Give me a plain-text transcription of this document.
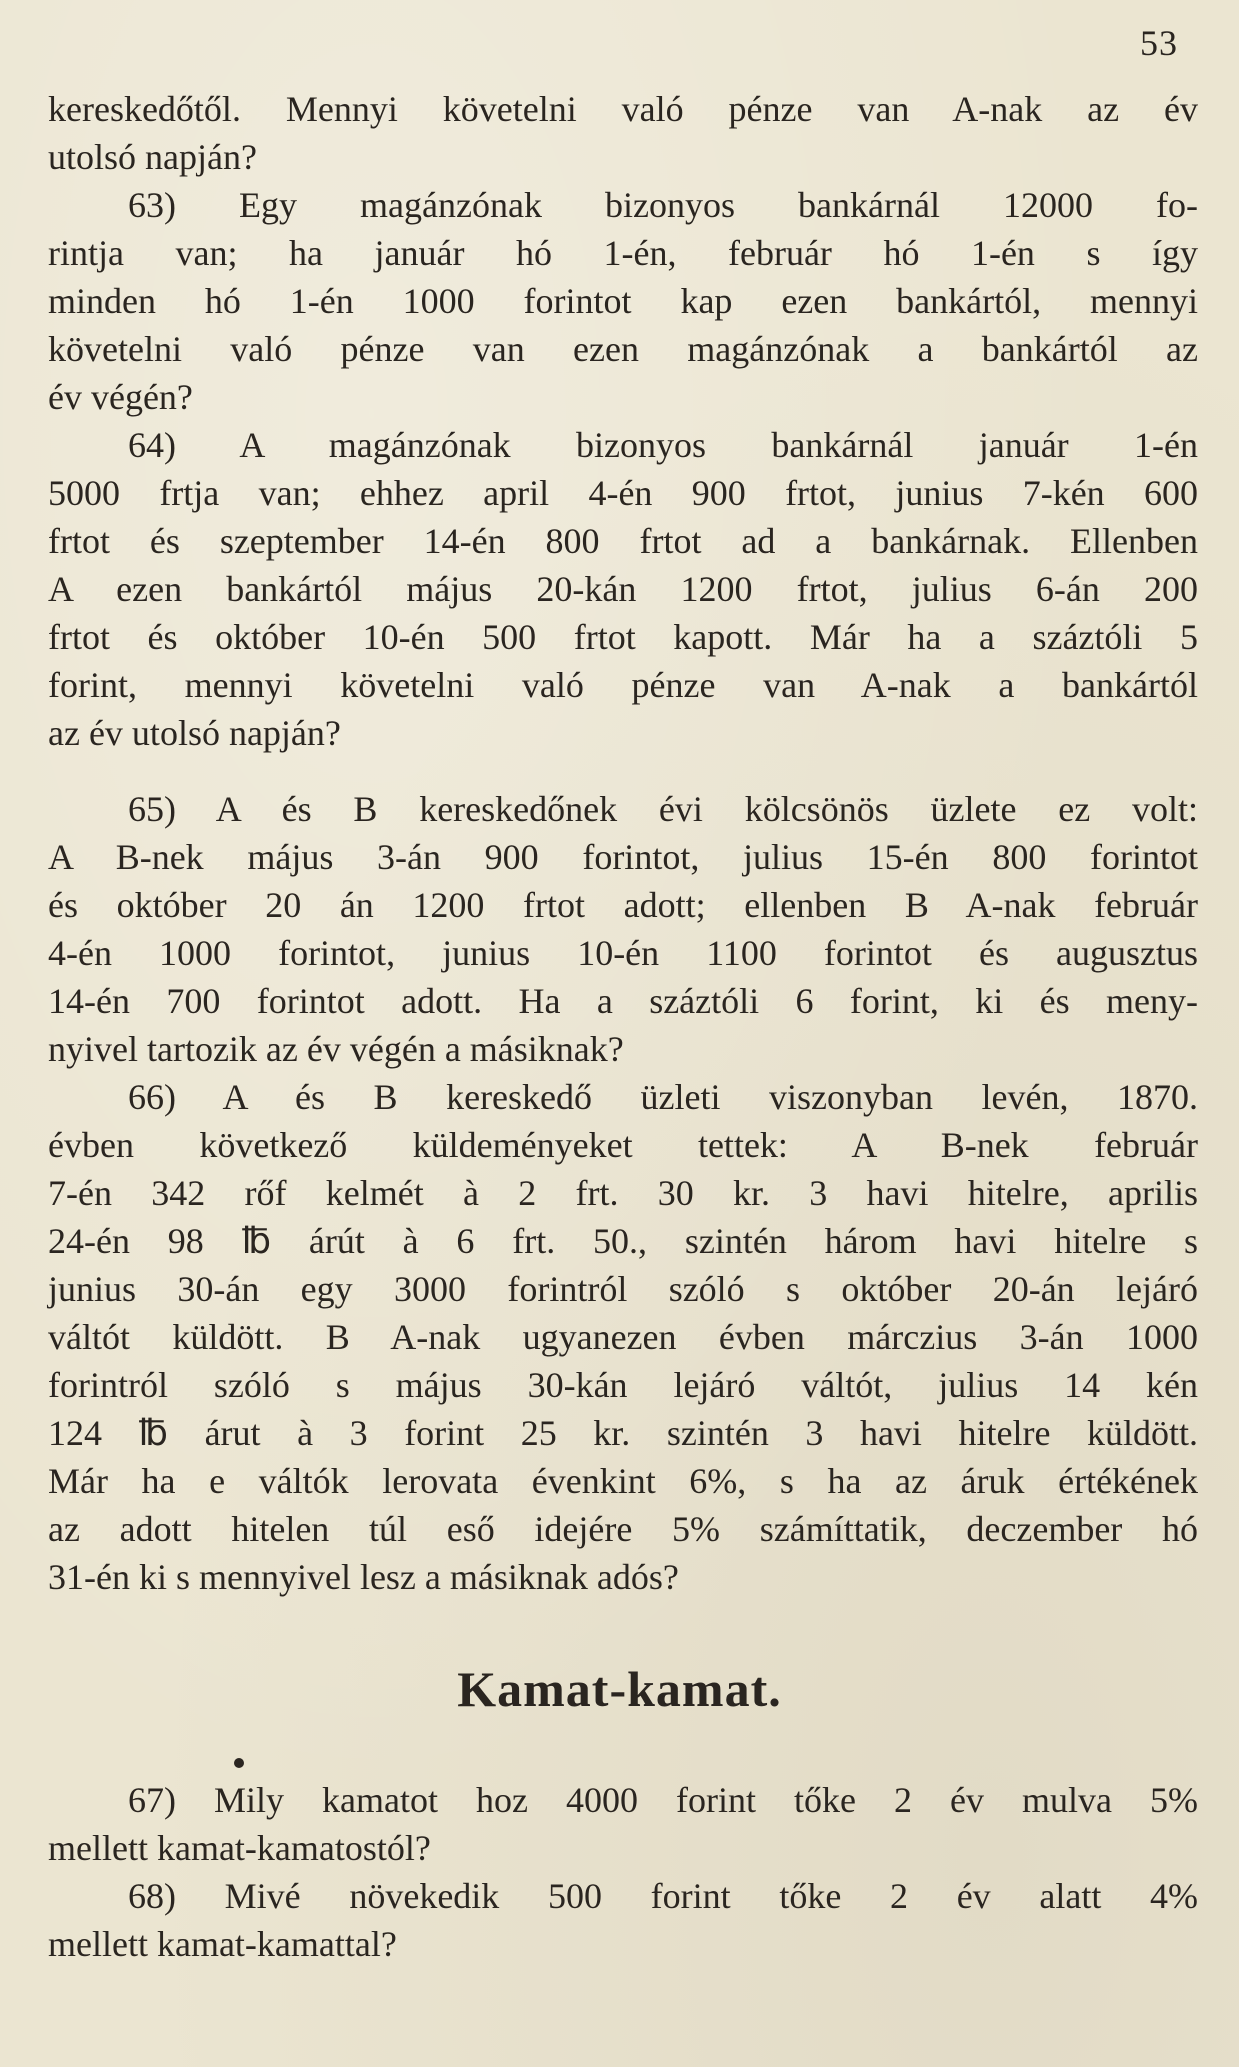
53
kereskedőtől. Mennyi követelni való pénze van A-nak az év
utolsó napján?
63) Egy magánzónak bizonyos bankárnál 12000 fo-
rintja van; ha január hó 1-én, február hó 1-én s így
minden hó 1-én 1000 forintot kap ezen bankártól, mennyi
követelni való pénze van ezen magánzónak a bankártól az
év végén?
64) A magánzónak bizonyos bankárnál január 1-én
5000 frtja van; ehhez april 4-én 900 frtot, junius 7-kén 600
frtot és szeptember 14-én 800 frtot ad a bankárnak. Ellenben
A ezen bankártól május 20-kán 1200 frtot, julius 6-án 200
frtot és október 10-én 500 frtot kapott. Már ha a száztóli 5
forint, mennyi követelni való pénze van A-nak a bankártól
az év utolsó napján?
65) A és B kereskedőnek évi kölcsönös üzlete ez volt:
A B-nek május 3-án 900 forintot, julius 15-én 800 forintot
és október 20 án 1200 frtot adott; ellenben B A-nak február
4-én 1000 forintot, junius 10-én 1100 forintot és augusztus
14-én 700 forintot adott. Ha a száztóli 6 forint, ki és meny-
nyivel tartozik az év végén a másiknak?
66) A és B kereskedő üzleti viszonyban levén, 1870.
évben következő küldeményeket tettek: A B-nek február
7-én 342 rőf kelmét à 2 frt. 30 kr. 3 havi hitelre, aprilis
24-én 98 ℔ árút à 6 frt. 50., szintén három havi hitelre s
junius 30-án egy 3000 forintról szóló s október 20-án lejáró
váltót küldött. B A-nak ugyanezen évben márczius 3-án 1000
forintról szóló s május 30-kán lejáró váltót, julius 14 kén
124 ℔ árut à 3 forint 25 kr. szintén 3 havi hitelre küldött.
Már ha e váltók lerovata évenkint 6%, s ha az áruk értékének
az adott hitelen túl eső idejére 5% számíttatik, deczember hó
31-én ki s mennyivel lesz a másiknak adós?
Kamat-kamat.
67) Mily kamatot hoz 4000 forint tőke 2 év mulva 5%
mellett kamat-kamatostól?
68) Mivé növekedik 500 forint tőke 2 év alatt 4%
mellett kamat-kamattal?
